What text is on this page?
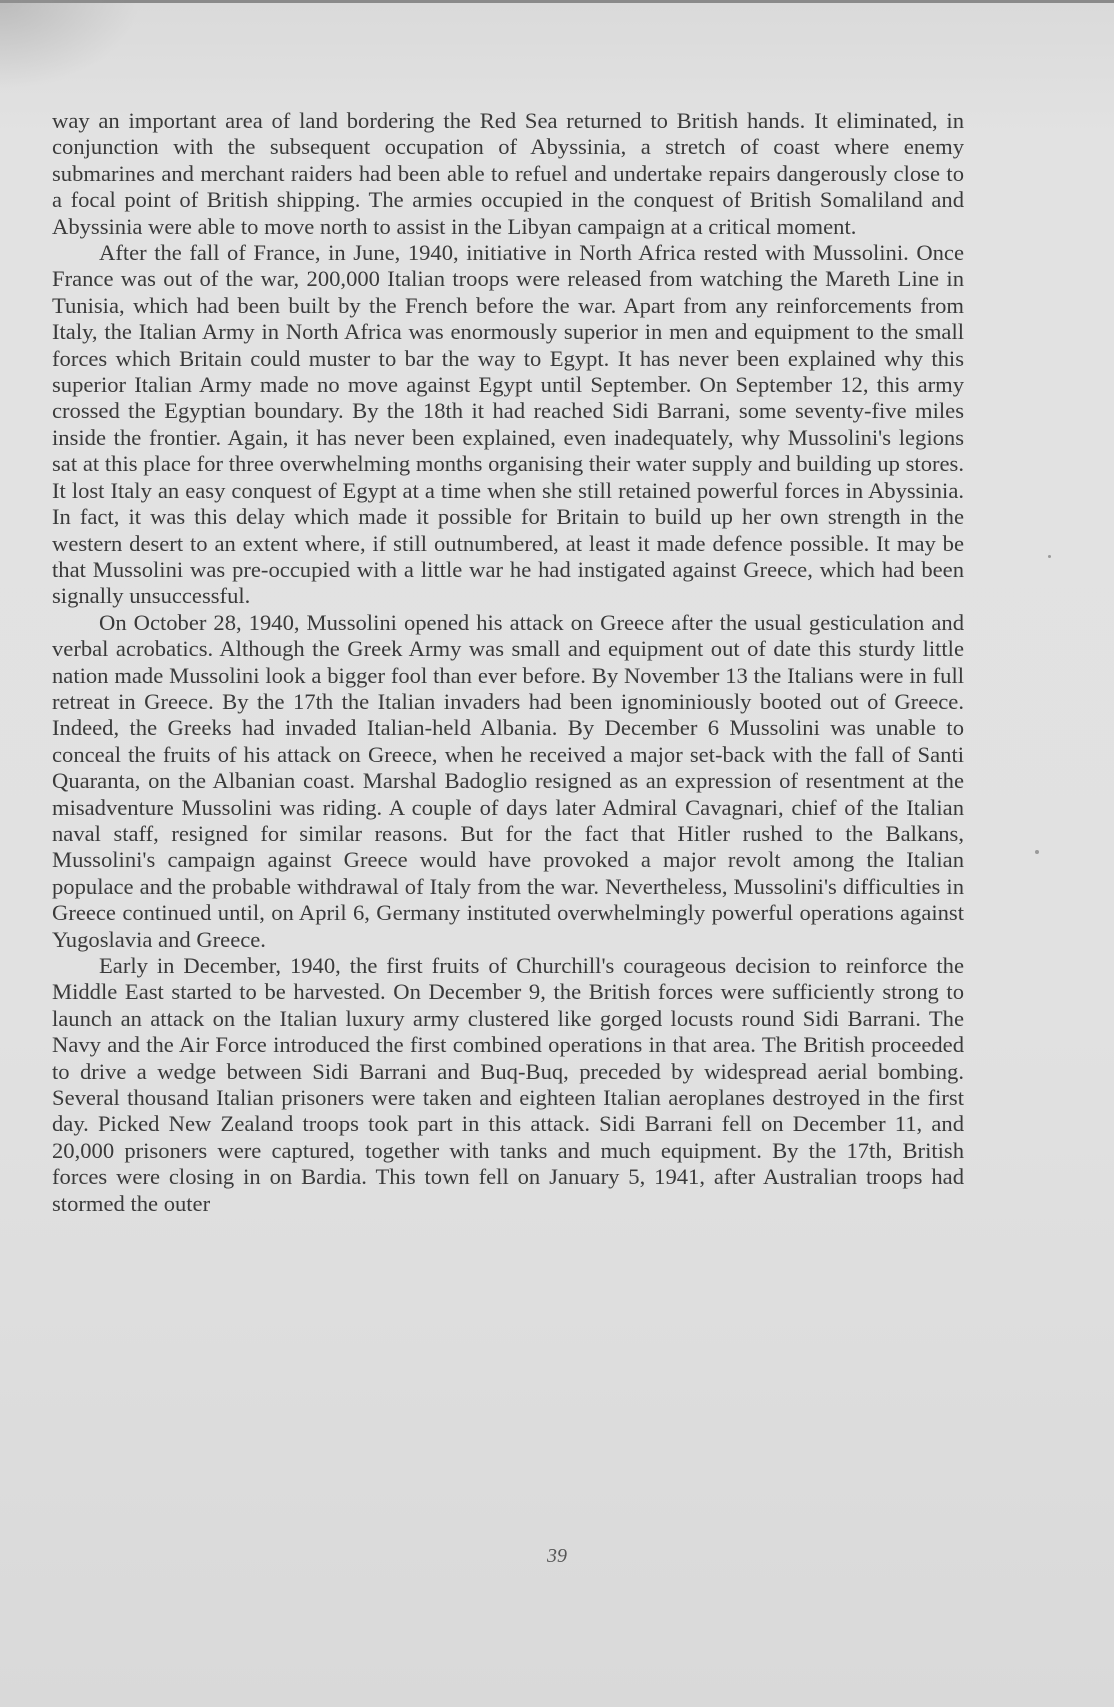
way an important area of land bordering the Red Sea returned to British hands. It eliminated, in conjunction with the subsequent occupation of Abyssinia, a stretch of coast where enemy submarines and merchant raiders had been able to refuel and undertake repairs dangerously close to a focal point of British shipping. The armies occupied in the conquest of British Somaliland and Abyssinia were able to move north to assist in the Libyan campaign at a critical moment.

After the fall of France, in June, 1940, initiative in North Africa rested with Mussolini. Once France was out of the war, 200,000 Italian troops were released from watching the Mareth Line in Tunisia, which had been built by the French before the war. Apart from any reinforcements from Italy, the Italian Army in North Africa was enormously superior in men and equipment to the small forces which Britain could muster to bar the way to Egypt. It has never been explained why this superior Italian Army made no move against Egypt until September. On September 12, this army crossed the Egyptian boundary. By the 18th it had reached Sidi Barrani, some seventy-five miles inside the frontier. Again, it has never been explained, even inadequately, why Mussolini's legions sat at this place for three overwhelming months organising their water supply and building up stores. It lost Italy an easy conquest of Egypt at a time when she still retained powerful forces in Abyssinia. In fact, it was this delay which made it possible for Britain to build up her own strength in the western desert to an extent where, if still outnumbered, at least it made defence possible. It may be that Mussolini was pre-occupied with a little war he had instigated against Greece, which had been signally unsuccessful.

On October 28, 1940, Mussolini opened his attack on Greece after the usual gesticulation and verbal acrobatics. Although the Greek Army was small and equipment out of date this sturdy little nation made Mussolini look a bigger fool than ever before. By November 13 the Italians were in full retreat in Greece. By the 17th the Italian invaders had been ignominiously booted out of Greece. Indeed, the Greeks had invaded Italian-held Albania. By December 6 Mussolini was unable to conceal the fruits of his attack on Greece, when he received a major set-back with the fall of Santi Quaranta, on the Albanian coast. Marshal Badoglio resigned as an expression of resentment at the misadventure Mussolini was riding. A couple of days later Admiral Cavagnari, chief of the Italian naval staff, resigned for similar reasons. But for the fact that Hitler rushed to the Balkans, Mussolini's campaign against Greece would have provoked a major revolt among the Italian populace and the probable withdrawal of Italy from the war. Nevertheless, Mussolini's difficulties in Greece continued until, on April 6, Germany instituted overwhelmingly powerful operations against Yugoslavia and Greece.

Early in December, 1940, the first fruits of Churchill's courageous decision to reinforce the Middle East started to be harvested. On December 9, the British forces were sufficiently strong to launch an attack on the Italian luxury army clustered like gorged locusts round Sidi Barrani. The Navy and the Air Force introduced the first combined operations in that area. The British proceeded to drive a wedge between Sidi Barrani and Buq-Buq, preceded by widespread aerial bombing. Several thousand Italian prisoners were taken and eighteen Italian aeroplanes destroyed in the first day. Picked New Zealand troops took part in this attack. Sidi Barrani fell on December 11, and 20,000 prisoners were captured, together with tanks and much equipment. By the 17th, British forces were closing in on Bardia. This town fell on January 5, 1941, after Australian troops had stormed the outer

39
